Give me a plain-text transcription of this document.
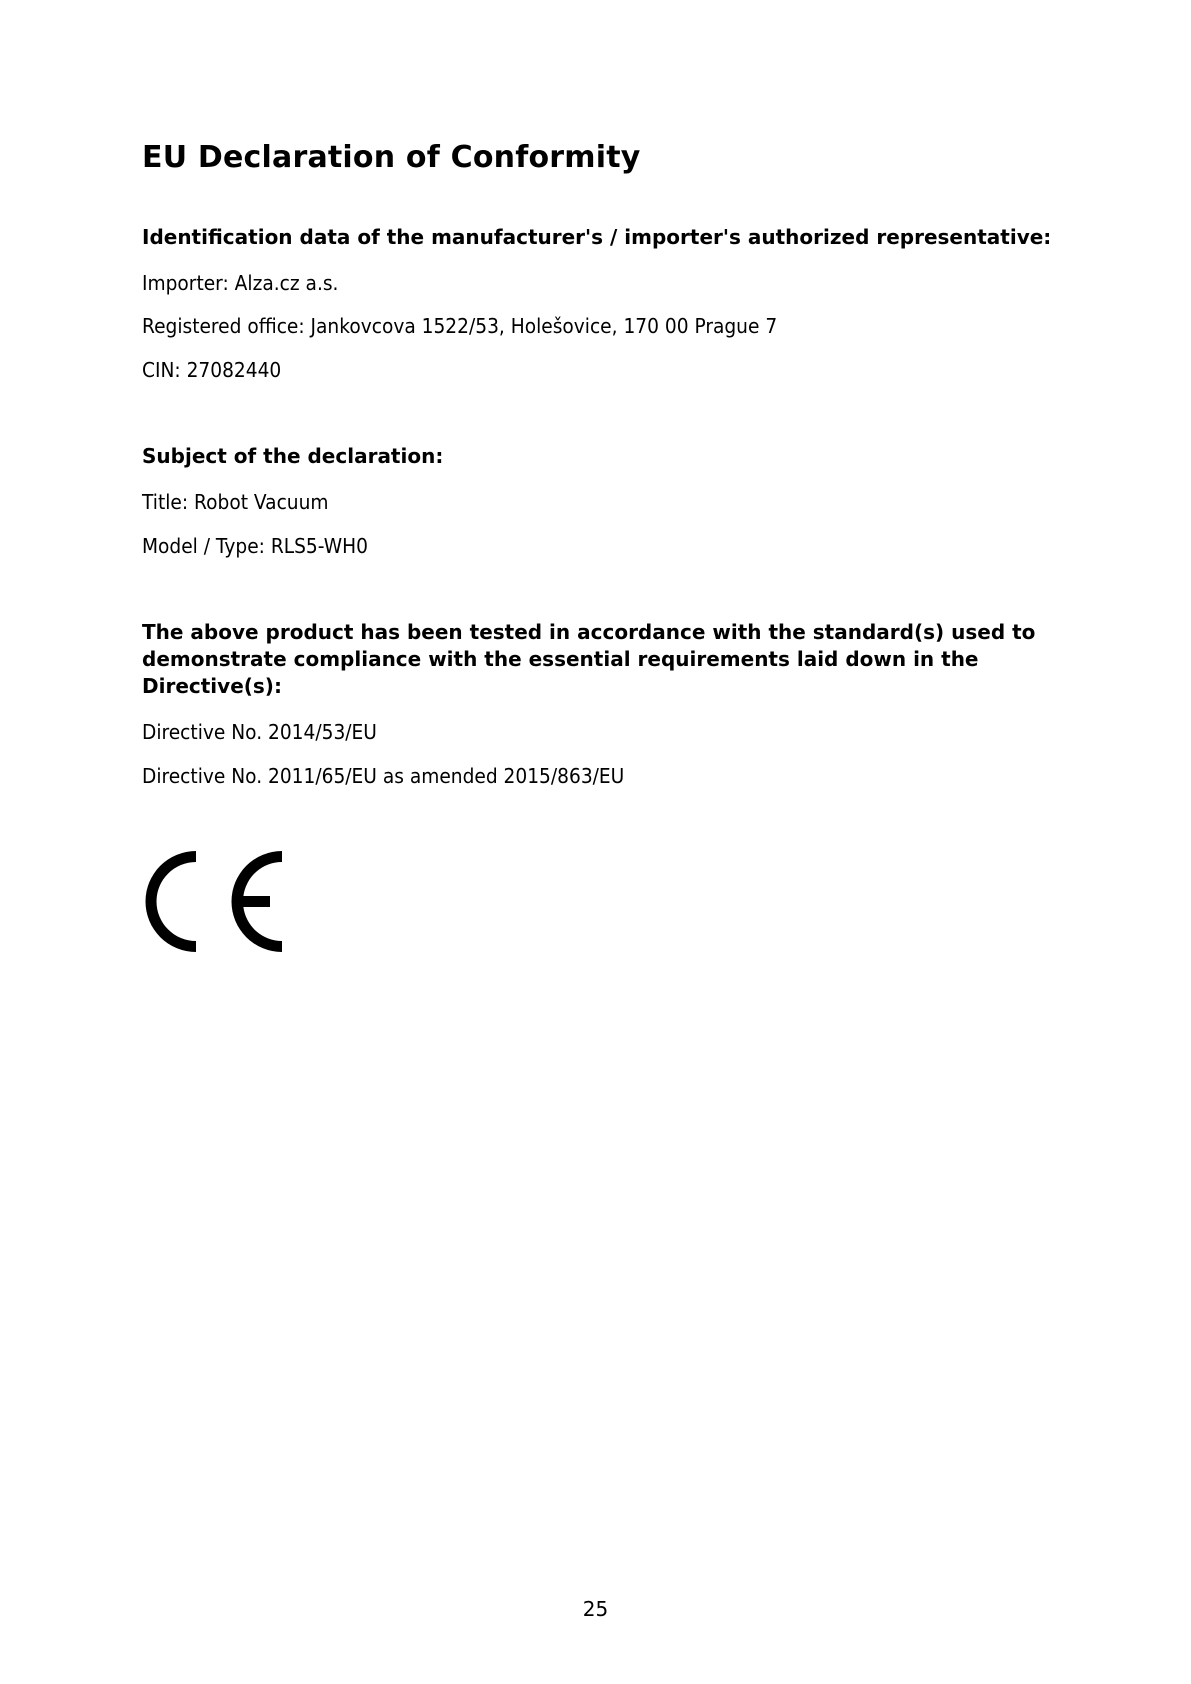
EU Declaration of Conformity
Identification data of the manufacturer's / importer's authorized representative:

Importer: Alza.cz a.s.

Registered office: Jankovcova 1522/53, Holešovice, 170 00 Prague 7

CIN: 27082440

Subject of the declaration:

Title: Robot Vacuum

Model / Type: RLS5-WH0

The above product has been tested in accordance with the standard(s) used to demonstrate compliance with the essential requirements laid down in the Directive(s):

Directive No. 2014/53/EU

Directive No. 2011/65/EU as amended 2015/863/EU

25
